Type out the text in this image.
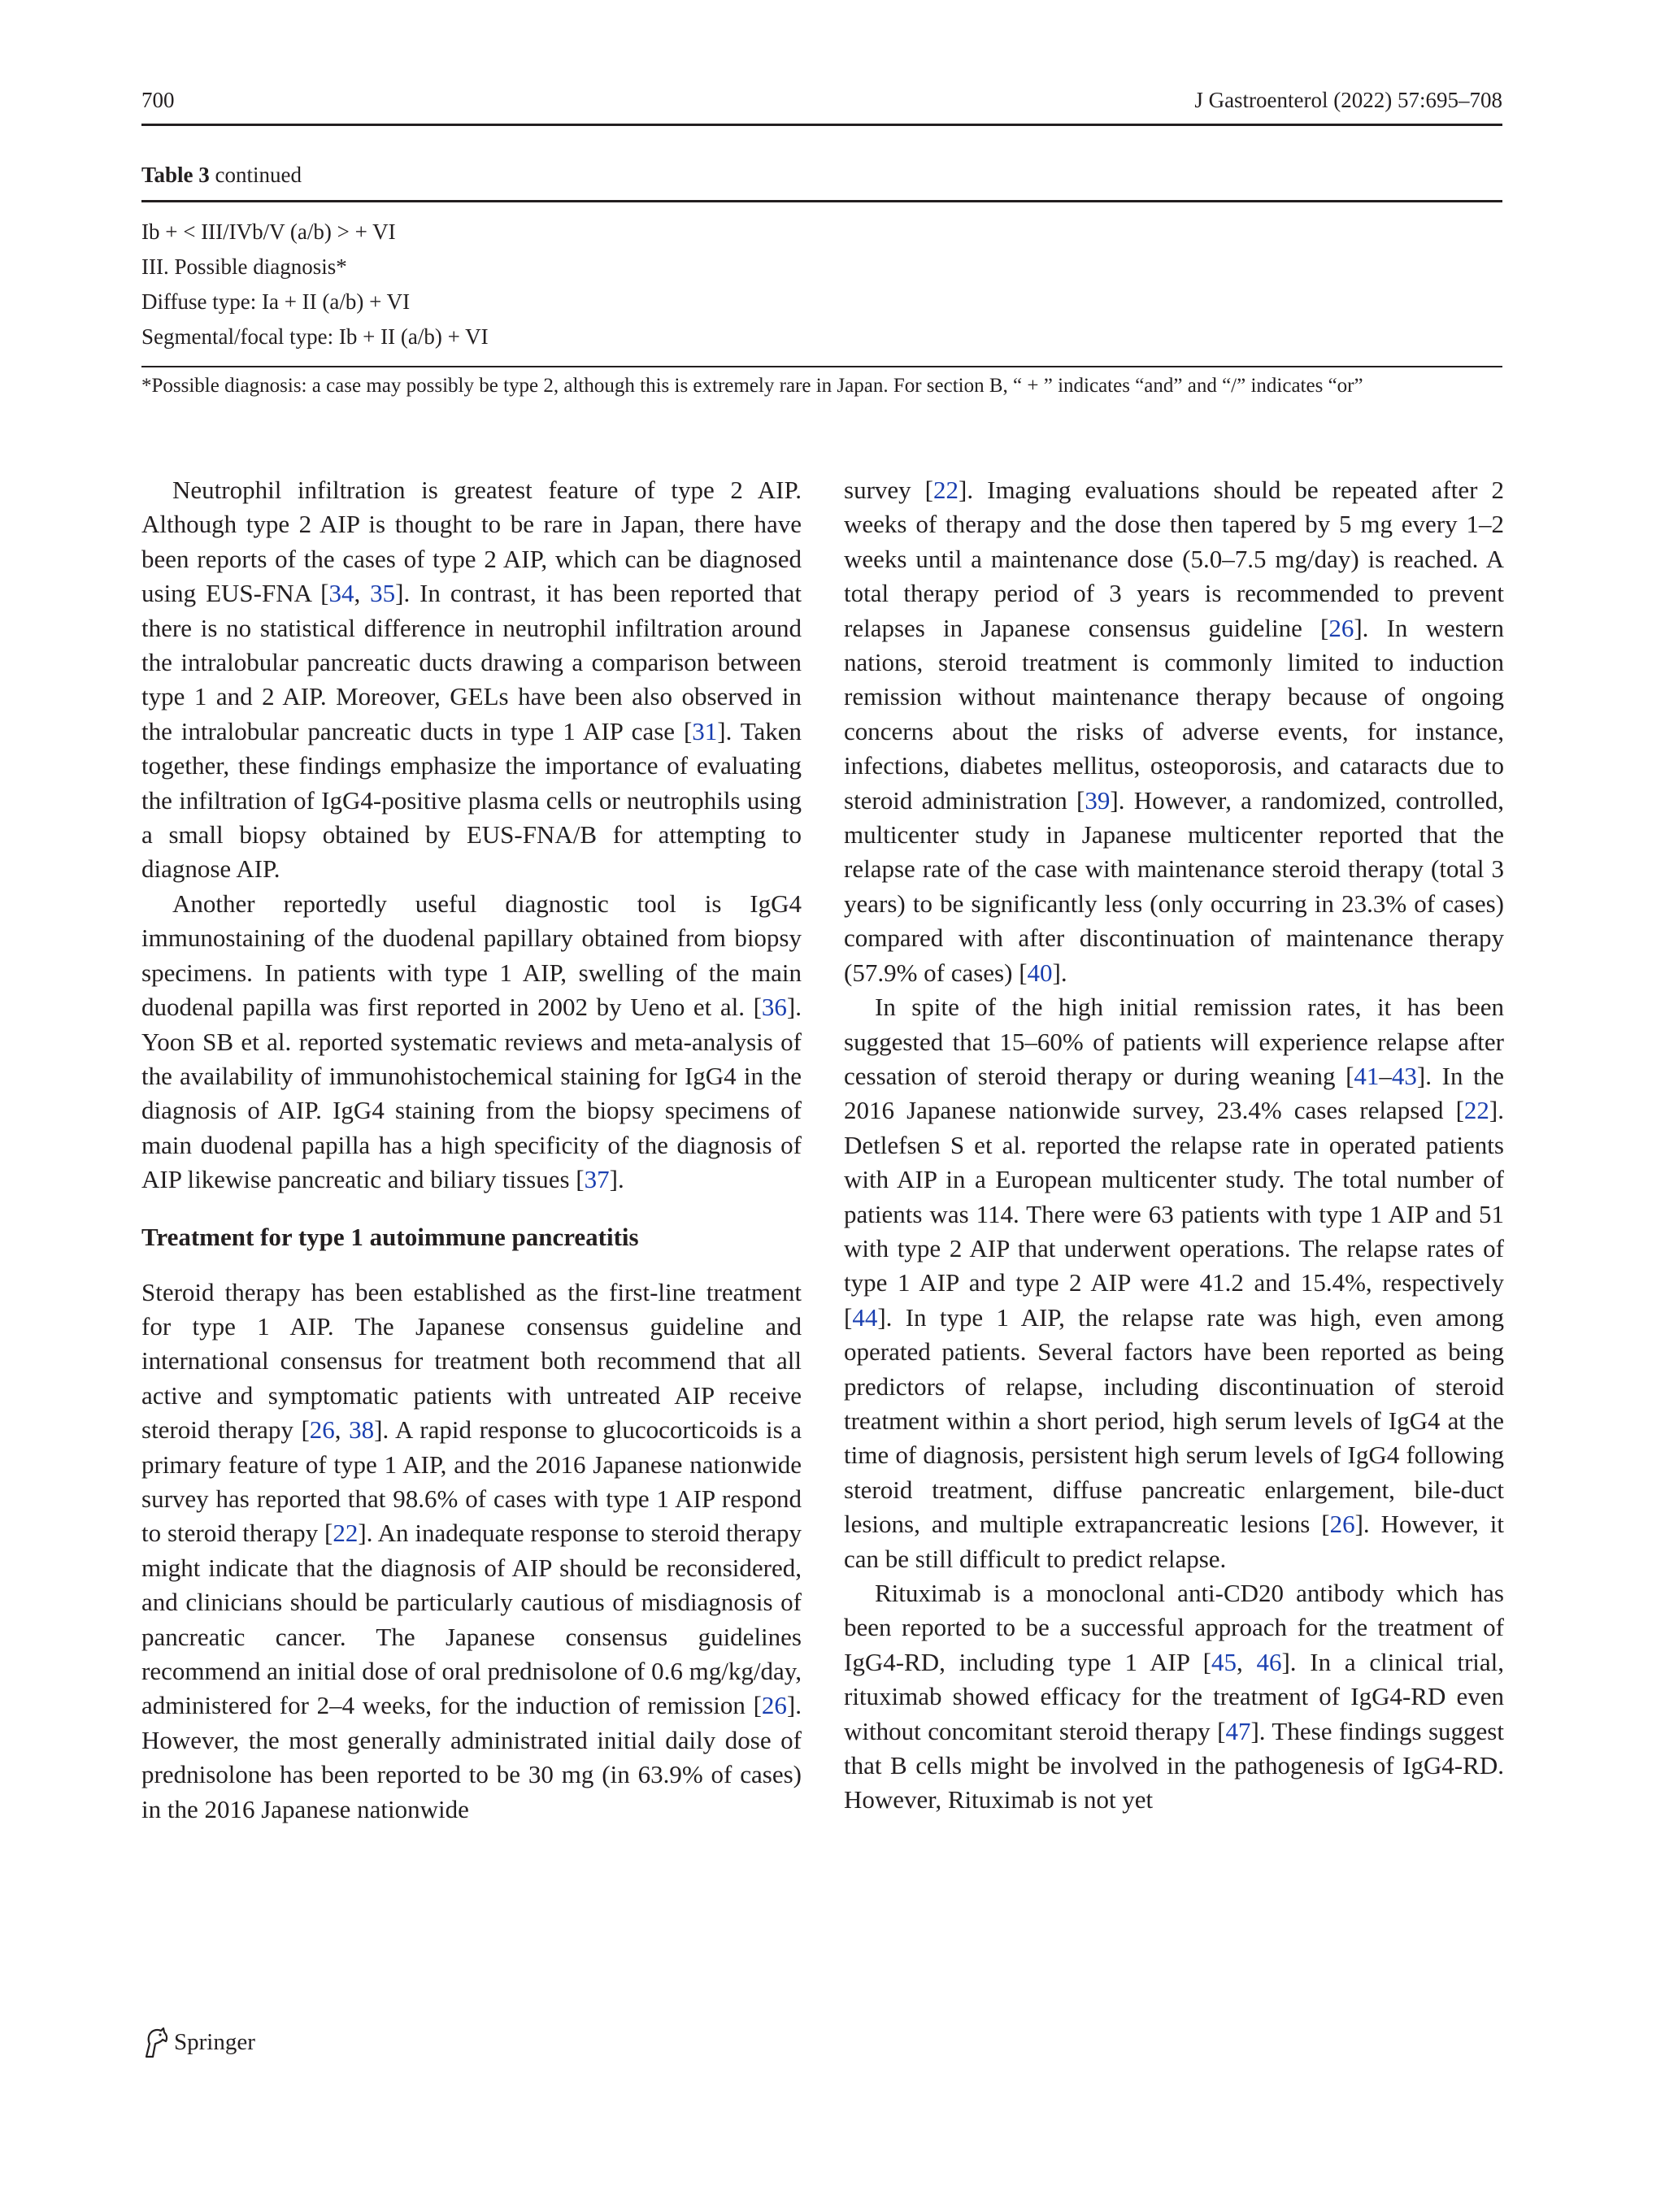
700	J Gastroenterol (2022) 57:695–708
Table 3 continued
Ib + < III/IVb/V (a/b) > + VI
III. Possible diagnosis*
Diffuse type: Ia + II (a/b) + VI
Segmental/focal type: Ib + II (a/b) + VI
*Possible diagnosis: a case may possibly be type 2, although this is extremely rare in Japan. For section B, “ + ” indicates “and” and “/” indicates “or”

Neutrophil infiltration is greatest feature of type 2 AIP. Although type 2 AIP is thought to be rare in Japan, there have been reports of the cases of type 2 AIP, which can be diagnosed using EUS-FNA [34, 35]. In contrast, it has been reported that there is no statistical difference in neutrophil infiltration around the intralobular pancreatic ducts drawing a comparison between type 1 and 2 AIP. Moreover, GELs have been also observed in the intralobular pancreatic ducts in type 1 AIP case [31]. Taken together, these findings emphasize the importance of evaluating the infiltration of IgG4-positive plasma cells or neutrophils using a small biopsy obtained by EUS-FNA/B for attempting to diagnose AIP.

Another reportedly useful diagnostic tool is IgG4 immunostaining of the duodenal papillary obtained from biopsy specimens. In patients with type 1 AIP, swelling of the main duodenal papilla was first reported in 2002 by Ueno et al. [36]. Yoon SB et al. reported systematic reviews and meta-analysis of the availability of immunohistochemical staining for IgG4 in the diagnosis of AIP. IgG4 staining from the biopsy specimens of main duodenal papilla has a high specificity of the diagnosis of AIP likewise pancreatic and biliary tissues [37].

Treatment for type 1 autoimmune pancreatitis

Steroid therapy has been established as the first-line treatment for type 1 AIP. The Japanese consensus guideline and international consensus for treatment both recommend that all active and symptomatic patients with untreated AIP receive steroid therapy [26, 38]. A rapid response to glucocorticoids is a primary feature of type 1 AIP, and the 2016 Japanese nationwide survey has reported that 98.6% of cases with type 1 AIP respond to steroid therapy [22]. An inadequate response to steroid therapy might indicate that the diagnosis of AIP should be reconsidered, and clinicians should be particularly cautious of misdiagnosis of pancreatic cancer. The Japanese consensus guidelines recommend an initial dose of oral prednisolone of 0.6 mg/kg/day, administered for 2–4 weeks, for the induction of remission [26]. However, the most generally administrated initial daily dose of prednisolone has been reported to be 30 mg (in 63.9% of cases) in the 2016 Japanese nationwide

survey [22]. Imaging evaluations should be repeated after 2 weeks of therapy and the dose then tapered by 5 mg every 1–2 weeks until a maintenance dose (5.0–7.5 mg/day) is reached. A total therapy period of 3 years is recommended to prevent relapses in Japanese consensus guideline [26]. In western nations, steroid treatment is commonly limited to induction remission without maintenance therapy because of ongoing concerns about the risks of adverse events, for instance, infections, diabetes mellitus, osteoporosis, and cataracts due to steroid administration [39]. However, a randomized, controlled, multicenter study in Japanese multicenter reported that the relapse rate of the case with maintenance steroid therapy (total 3 years) to be significantly less (only occurring in 23.3% of cases) compared with after discontinuation of maintenance therapy (57.9% of cases) [40].

In spite of the high initial remission rates, it has been suggested that 15–60% of patients will experience relapse after cessation of steroid therapy or during weaning [41–43]. In the 2016 Japanese nationwide survey, 23.4% cases relapsed [22]. Detlefsen S et al. reported the relapse rate in operated patients with AIP in a European multicenter study. The total number of patients was 114. There were 63 patients with type 1 AIP and 51 with type 2 AIP that underwent operations. The relapse rates of type 1 AIP and type 2 AIP were 41.2 and 15.4%, respectively [44]. In type 1 AIP, the relapse rate was high, even among operated patients. Several factors have been reported as being predictors of relapse, including discontinuation of steroid treatment within a short period, high serum levels of IgG4 at the time of diagnosis, persistent high serum levels of IgG4 following steroid treatment, diffuse pancreatic enlargement, bile-duct lesions, and multiple extrapancreatic lesions [26]. However, it can be still difficult to predict relapse.

Rituximab is a monoclonal anti-CD20 antibody which has been reported to be a successful approach for the treatment of IgG4-RD, including type 1 AIP [45, 46]. In a clinical trial, rituximab showed efficacy for the treatment of IgG4-RD even without concomitant steroid therapy [47]. These findings suggest that B cells might be involved in the pathogenesis of IgG4-RD. However, Rituximab is not yet

Springer
